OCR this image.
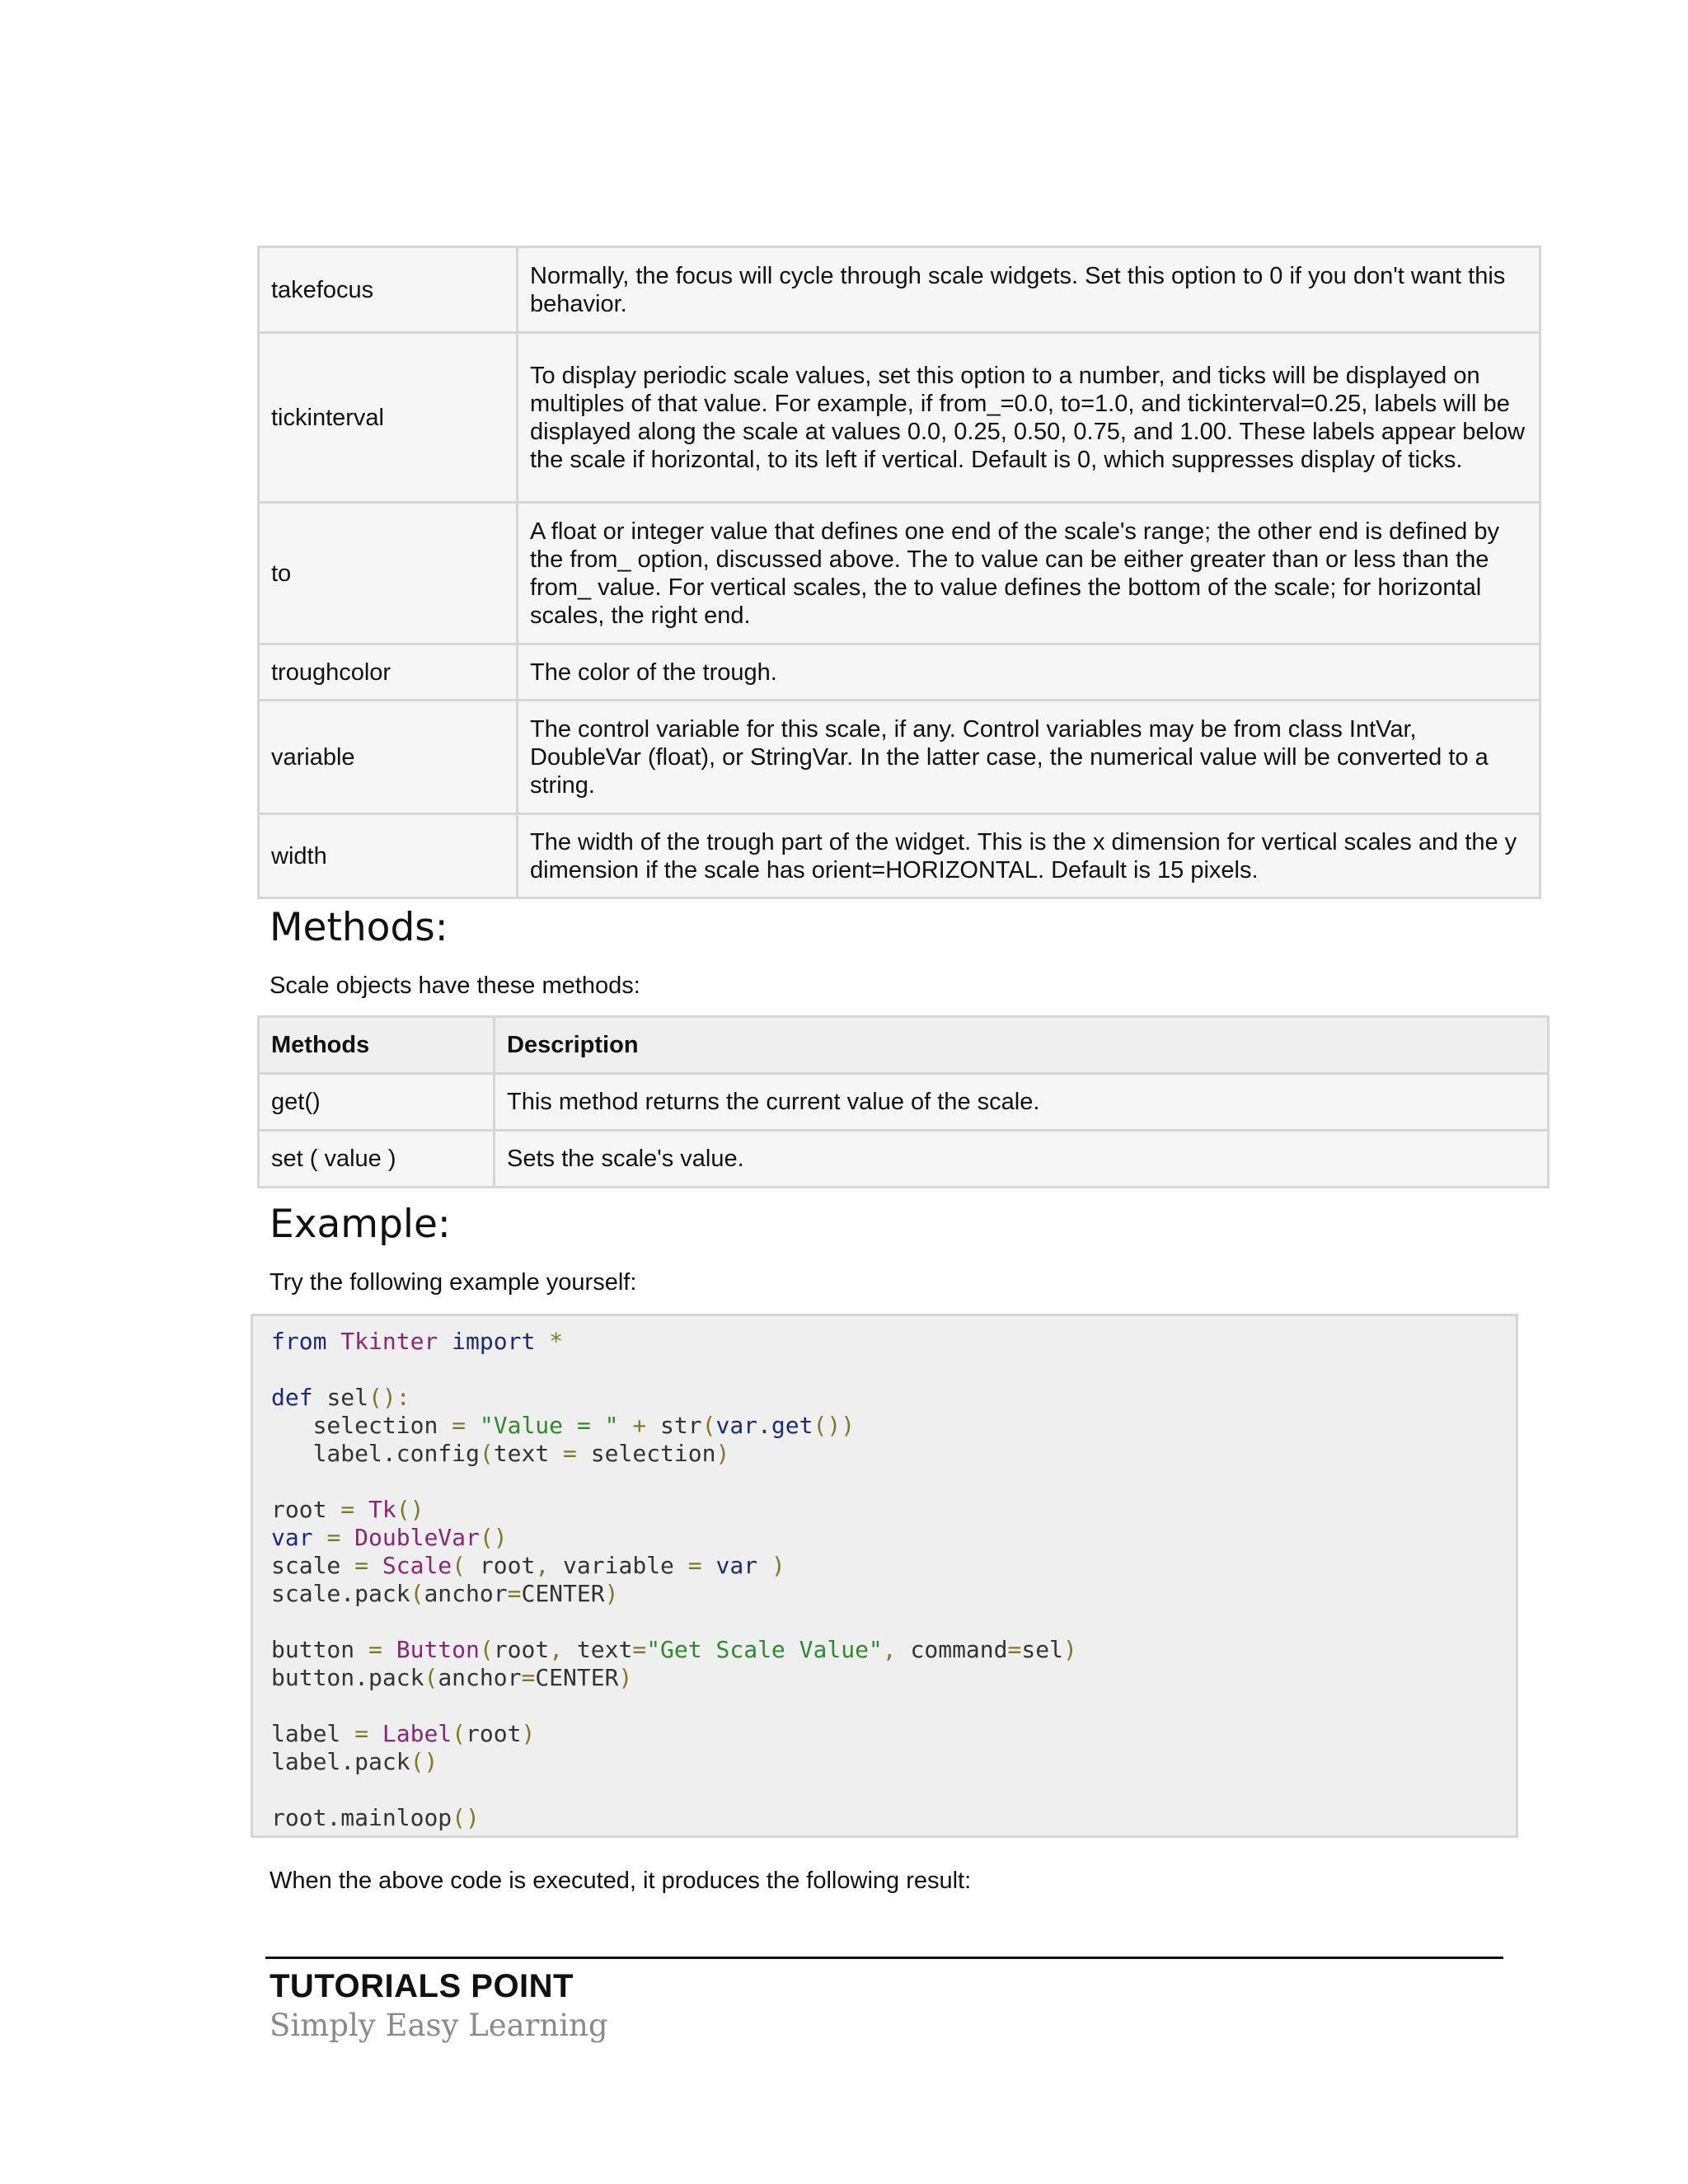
takefocus	Normally, the focus will cycle through scale widgets. Set this option to 0 if you don't want this behavior.
tickinterval	To display periodic scale values, set this option to a number, and ticks will be displayed on multiples of that value. For example, if from_=0.0, to=1.0, and tickinterval=0.25, labels will be displayed along the scale at values 0.0, 0.25, 0.50, 0.75, and 1.00. These labels appear below the scale if horizontal, to its left if vertical. Default is 0, which suppresses display of ticks.
to	A float or integer value that defines one end of the scale's range; the other end is defined by the from_ option, discussed above. The to value can be either greater than or less than the from_ value. For vertical scales, the to value defines the bottom of the scale; for horizontal scales, the right end.
troughcolor	The color of the trough.
variable	The control variable for this scale, if any. Control variables may be from class IntVar, DoubleVar (float), or StringVar. In the latter case, the numerical value will be converted to a string.
width	The width of the trough part of the widget. This is the x dimension for vertical scales and the y dimension if the scale has orient=HORIZONTAL. Default is 15 pixels.
Methods:

Scale objects have these methods:

Methods	Description
get()	This method returns the current value of the scale.
set ( value )	Sets the scale's value.
Example:

Try the following example yourself:

from Tkinter import *

def sel():
selection = "Value = " + str(var.get())
label.config(text = selection)

root = Tk()
var = DoubleVar()
scale = Scale( root, variable = var )
scale.pack(anchor=CENTER)

button = Button(root, text="Get Scale Value", command=sel)
button.pack(anchor=CENTER)

label = Label(root)
label.pack()

root.mainloop()

When the above code is executed, it produces the following result:

TUTORIALS POINT

Simply Easy Learning
